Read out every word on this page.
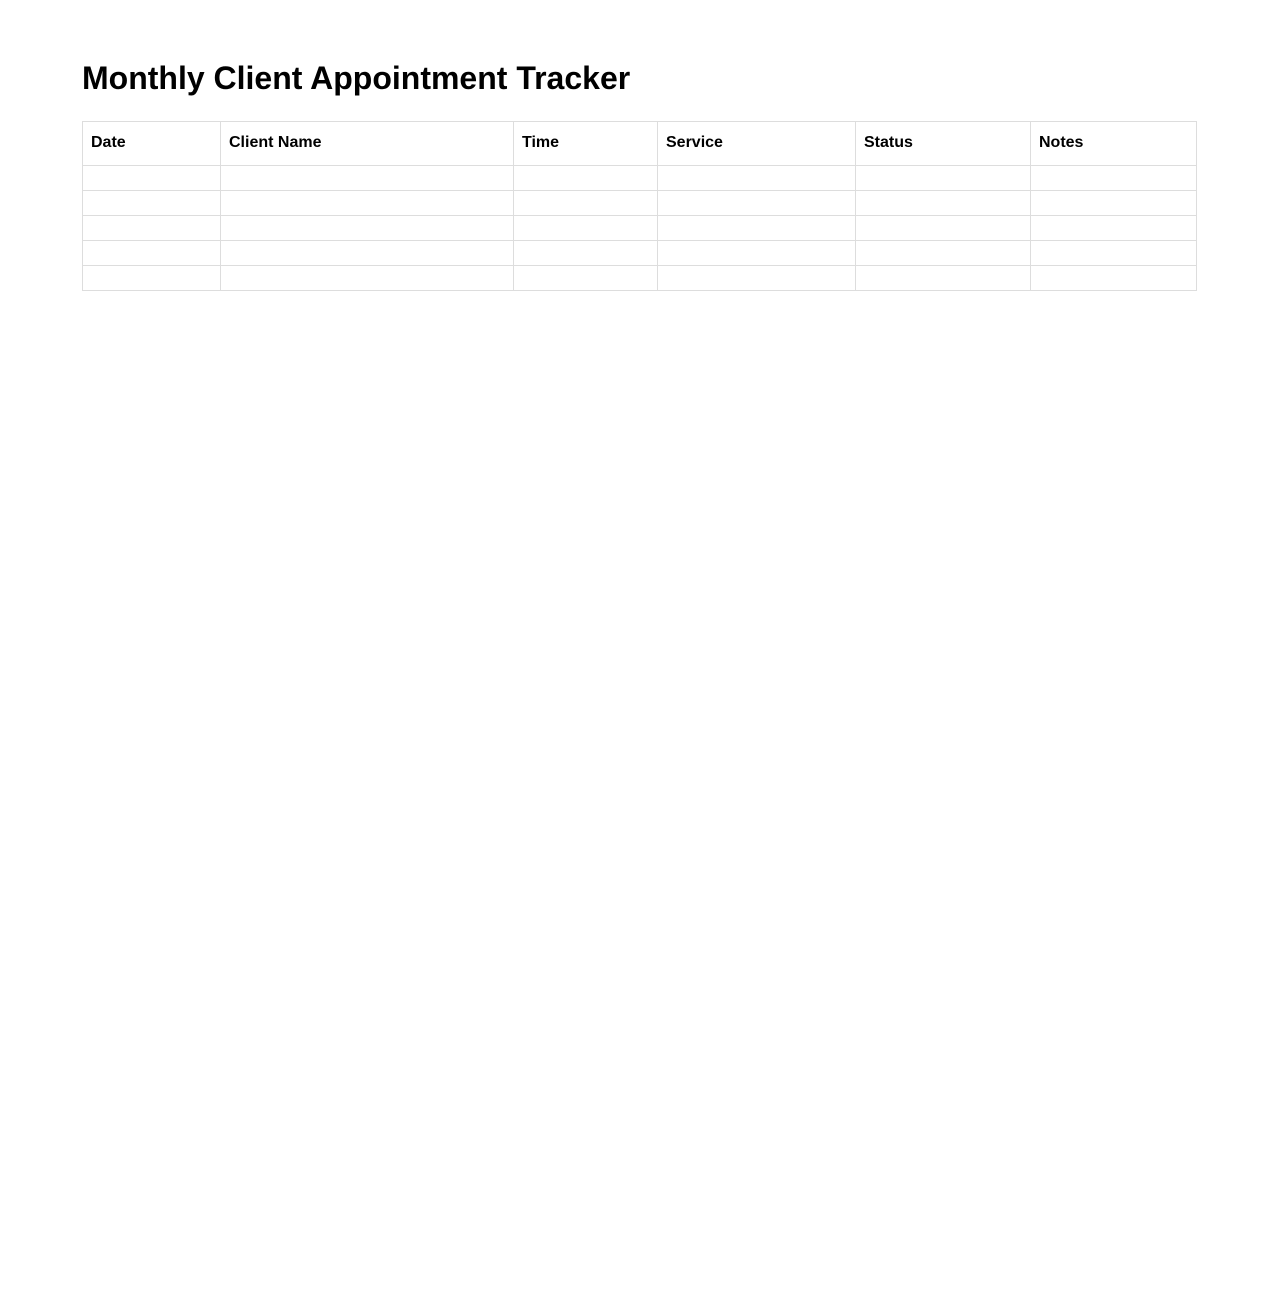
Monthly Client Appointment Tracker
Date	Client Name	Time	Service	Status	Notes
